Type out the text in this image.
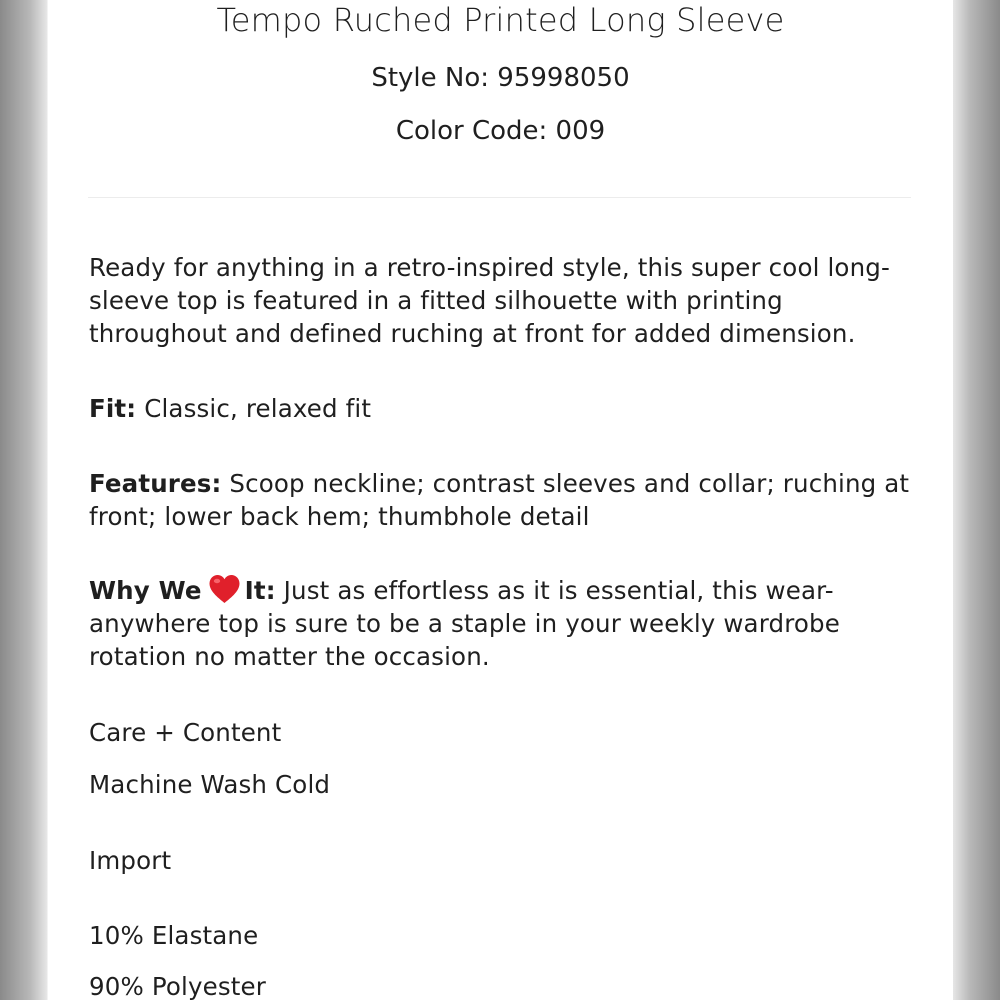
Tempo Ruched Printed Long Sleeve
Style No: 95998050
Color Code: 009
Ready for anything in a retro-inspired style, this super cool long-sleeve top is featured in a fitted silhouette with printing throughout and defined ruching at front for added dimension.
Fit: Classic, relaxed fit
Features: Scoop neckline; contrast sleeves and collar; ruching at front; lower back hem; thumbhole detail
Why We It: Just as effortless as it is essential, this wear-anywhere top is sure to be a staple in your weekly wardrobe rotation no matter the occasion.
Care + Content
Machine Wash Cold
Import
10% Elastane
90% Polyester
